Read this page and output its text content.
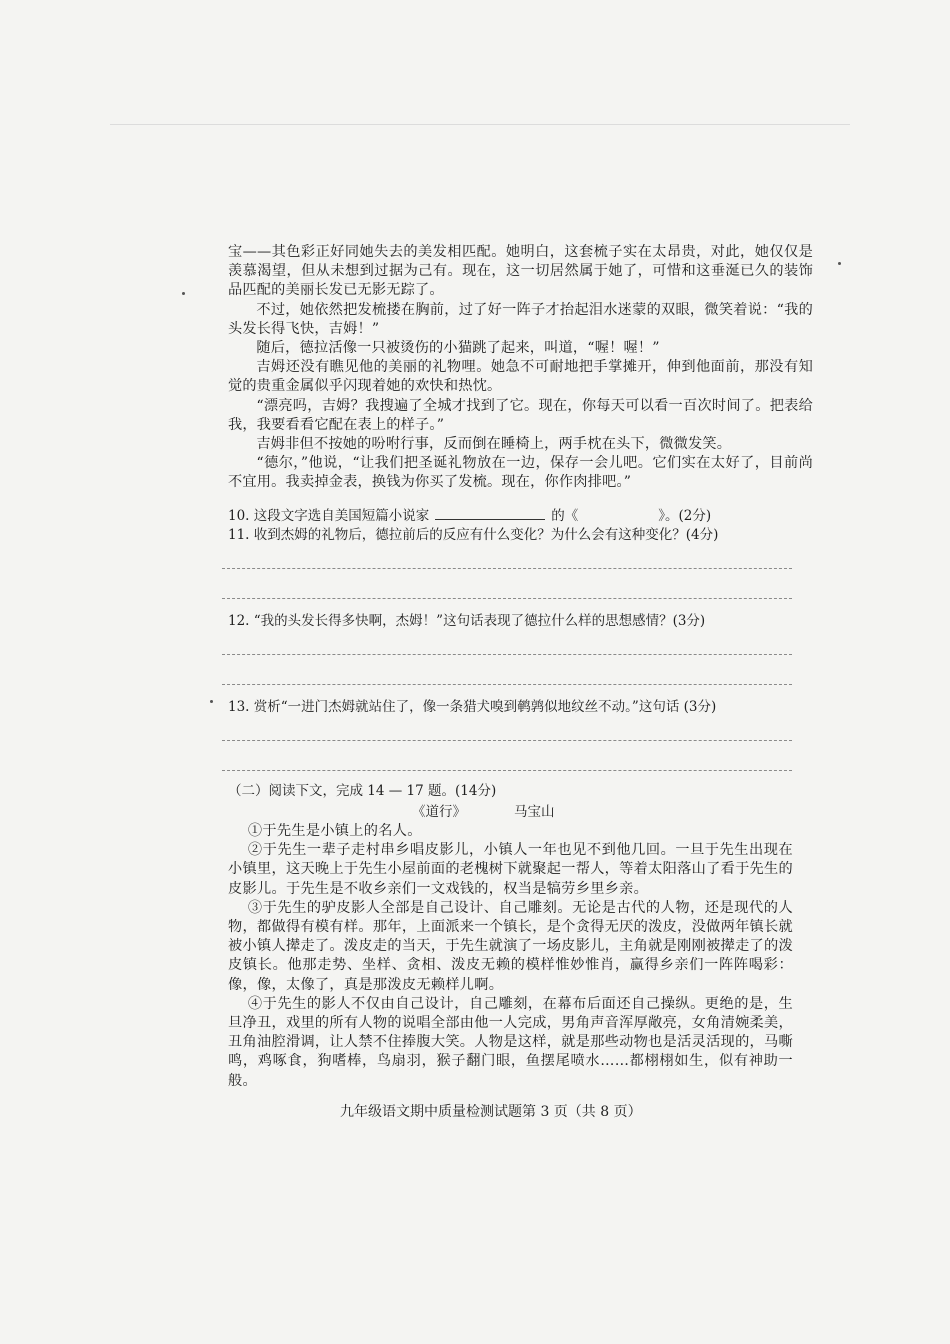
宝——其色彩正好同她失去的美发相匹配。她明白，这套梳子实在太昂贵，对此，她仅仅是羡慕渴望，但从未想到过据为己有。现在，这一切居然属于她了，可惜和这垂涎已久的装饰品匹配的美丽长发已无影无踪了。

不过，她依然把发梳搂在胸前，过了好一阵子才抬起泪水迷蒙的双眼，微笑着说：“我的头发长得飞快，吉姆！”

随后，德拉活像一只被烫伤的小猫跳了起来，叫道，“喔！喔！”

吉姆还没有瞧见他的美丽的礼物哩。她急不可耐地把手掌摊开，伸到他面前，那没有知觉的贵重金属似乎闪现着她的欢快和热忱。

“漂亮吗，吉姆？我搜遍了全城才找到了它。现在，你每天可以看一百次时间了。把表给我，我要看看它配在表上的样子。”

吉姆非但不按她的吩咐行事，反而倒在睡椅上，两手枕在头下，微微发笑。

“德尔，”他说，“让我们把圣诞礼物放在一边，保存一会儿吧。它们实在太好了，目前尚不宜用。我卖掉金表，换钱为你买了发梳。现在，你作肉排吧。”

10. 这段文字选自美国短篇小说家	的《	》。(2分)
11. 收到杰姆的礼物后，德拉前后的反应有什么变化？为什么会有这种变化？(4分)
12. “我的头发长得多快啊，杰姆！”这句话表现了德拉什么样的思想感情？(3分)
13. 赏析“一进门杰姆就站住了，像一条猎犬嗅到鹌鹑似地纹丝不动。”这句话 (3分)
（二）阅读下文，完成 14 — 17 题。(14分)
《道行》	马宝山

①于先生是小镇上的名人。

②于先生一辈子走村串乡唱皮影儿，小镇人一年也见不到他几回。一旦于先生出现在小镇里，这天晚上于先生小屋前面的老槐树下就聚起一帮人，等着太阳落山了看于先生的皮影儿。于先生是不收乡亲们一文戏钱的，权当是犒劳乡里乡亲。

③于先生的驴皮影人全部是自己设计、自己雕刻。无论是古代的人物，还是现代的人物，都做得有模有样。那年，上面派来一个镇长，是个贪得无厌的泼皮，没做两年镇长就被小镇人撵走了。泼皮走的当天，于先生就演了一场皮影儿，主角就是刚刚被撵走了的泼皮镇长。他那走势、坐样、贪相、泼皮无赖的模样惟妙惟肖，赢得乡亲们一阵阵喝彩：像，像，太像了，真是那泼皮无赖样儿啊。

④于先生的影人不仅由自己设计，自己雕刻，在幕布后面还自己操纵。更绝的是，生旦净丑，戏里的所有人物的说唱全部由他一人完成，男角声音浑厚敞亮，女角清婉柔美，丑角油腔滑调，让人禁不住捧腹大笑。人物是这样，就是那些动物也是活灵活现的，马嘶鸣，鸡啄食，狗嗜棒，鸟扇羽，猴子翻门眼，鱼摆尾喷水……都栩栩如生，似有神助一般。

九年级语文期中质量检测试题第 3 页（共 8 页）
